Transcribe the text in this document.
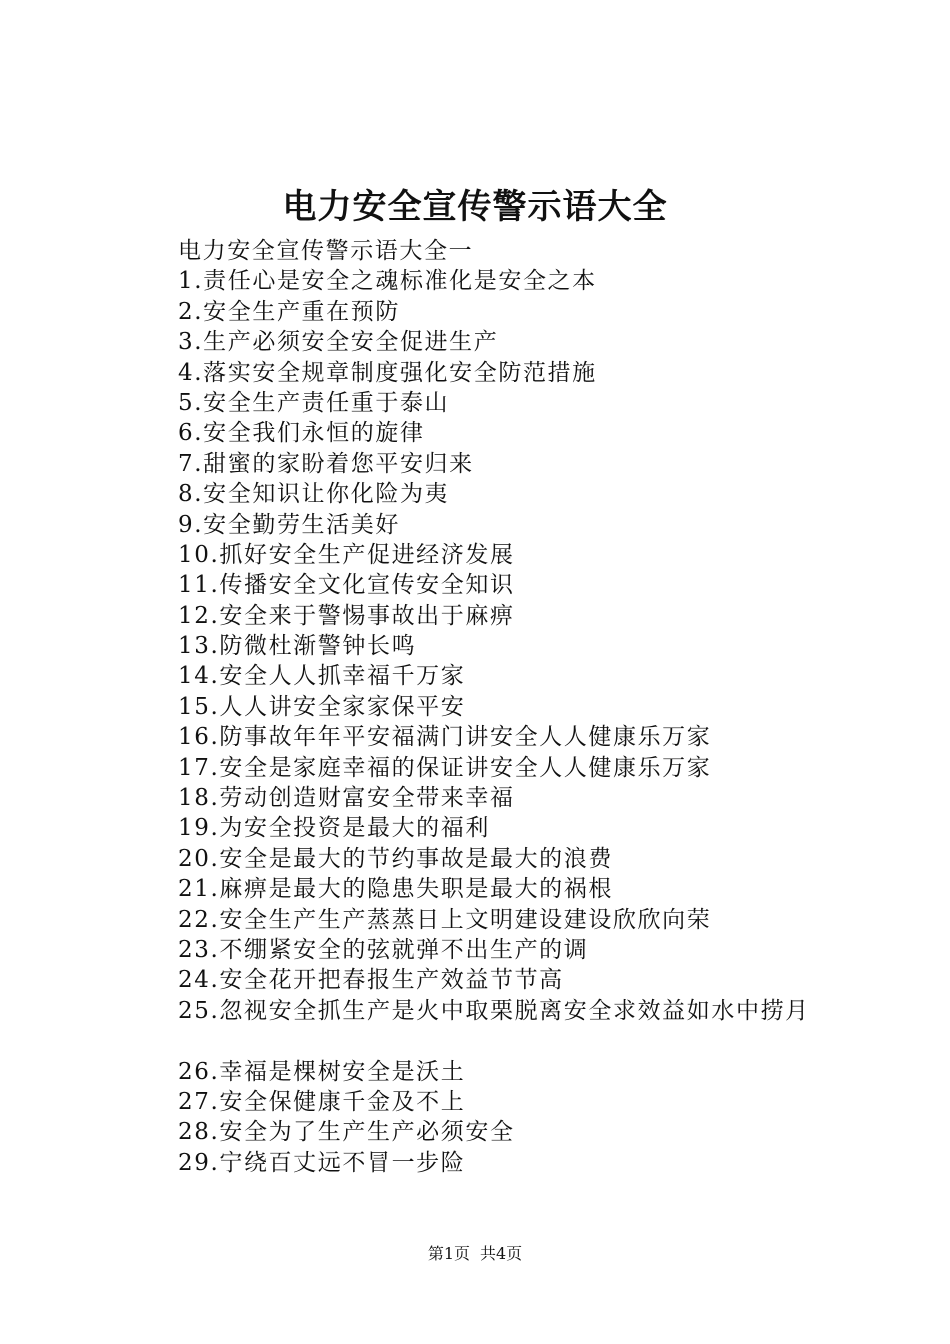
电力安全宣传警示语大全
电力安全宣传警示语大全一
1.责任心是安全之魂标准化是安全之本
2.安全生产重在预防
3.生产必须安全安全促进生产
4.落实安全规章制度强化安全防范措施
5.安全生产责任重于泰山
6.安全我们永恒的旋律
7.甜蜜的家盼着您平安归来
8.安全知识让你化险为夷
9.安全勤劳生活美好
10.抓好安全生产促进经济发展
11.传播安全文化宣传安全知识
12.安全来于警惕事故出于麻痹
13.防微杜渐警钟长鸣
14.安全人人抓幸福千万家
15.人人讲安全家家保平安
16.防事故年年平安福满门讲安全人人健康乐万家
17.安全是家庭幸福的保证讲安全人人健康乐万家
18.劳动创造财富安全带来幸福
19.为安全投资是最大的福利
20.安全是最大的节约事故是最大的浪费
21.麻痹是最大的隐患失职是最大的祸根
22.安全生产生产蒸蒸日上文明建设建设欣欣向荣
23.不绷紧安全的弦就弹不出生产的调
24.安全花开把春报生产效益节节高
25.忽视安全抓生产是火中取栗脱离安全求效益如水中捞月
26.幸福是棵树安全是沃土
27.安全保健康千金及不上
28.安全为了生产生产必须安全
29.宁绕百丈远不冒一步险
第1页 共4页
